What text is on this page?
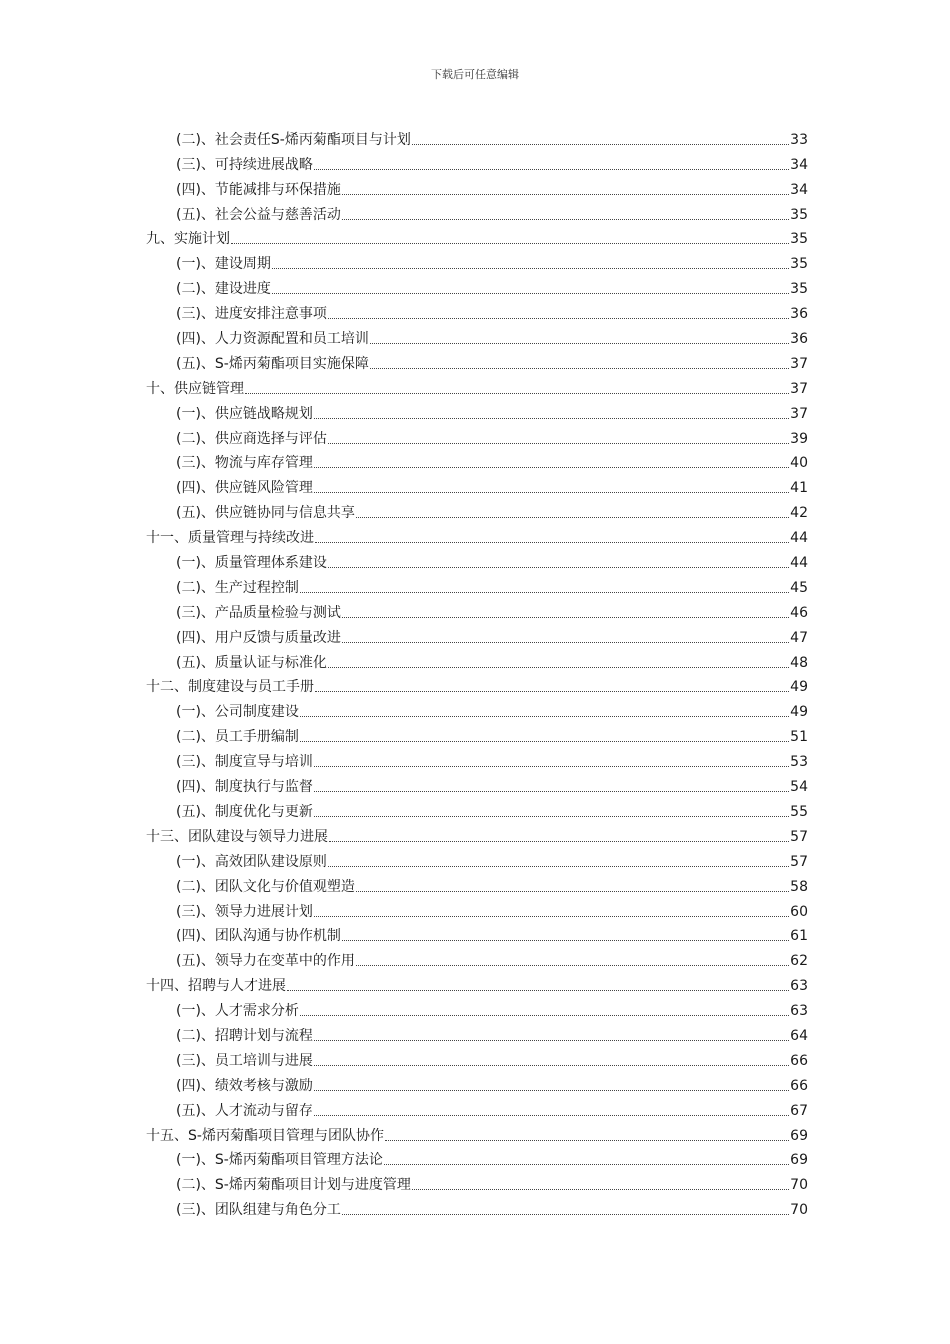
下载后可任意编辑
(二)、社会责任S-烯丙菊酯项目与计划	33
(三)、可持续进展战略	34
(四)、节能减排与环保措施	34
(五)、社会公益与慈善活动	35
九、实施计划	35
(一)、建设周期	35
(二)、建设进度	35
(三)、进度安排注意事项	36
(四)、人力资源配置和员工培训	36
(五)、S-烯丙菊酯项目实施保障	37
十、供应链管理	37
(一)、供应链战略规划	37
(二)、供应商选择与评估	39
(三)、物流与库存管理	40
(四)、供应链风险管理	41
(五)、供应链协同与信息共享	42
十一、质量管理与持续改进	44
(一)、质量管理体系建设	44
(二)、生产过程控制	45
(三)、产品质量检验与测试	46
(四)、用户反馈与质量改进	47
(五)、质量认证与标准化	48
十二、制度建设与员工手册	49
(一)、公司制度建设	49
(二)、员工手册编制	51
(三)、制度宣导与培训	53
(四)、制度执行与监督	54
(五)、制度优化与更新	55
十三、团队建设与领导力进展	57
(一)、高效团队建设原则	57
(二)、团队文化与价值观塑造	58
(三)、领导力进展计划	60
(四)、团队沟通与协作机制	61
(五)、领导力在变革中的作用	62
十四、招聘与人才进展	63
(一)、人才需求分析	63
(二)、招聘计划与流程	64
(三)、员工培训与进展	66
(四)、绩效考核与激励	66
(五)、人才流动与留存	67
十五、S-烯丙菊酯项目管理与团队协作	69
(一)、S-烯丙菊酯项目管理方法论	69
(二)、S-烯丙菊酯项目计划与进度管理	70
(三)、团队组建与角色分工	70
